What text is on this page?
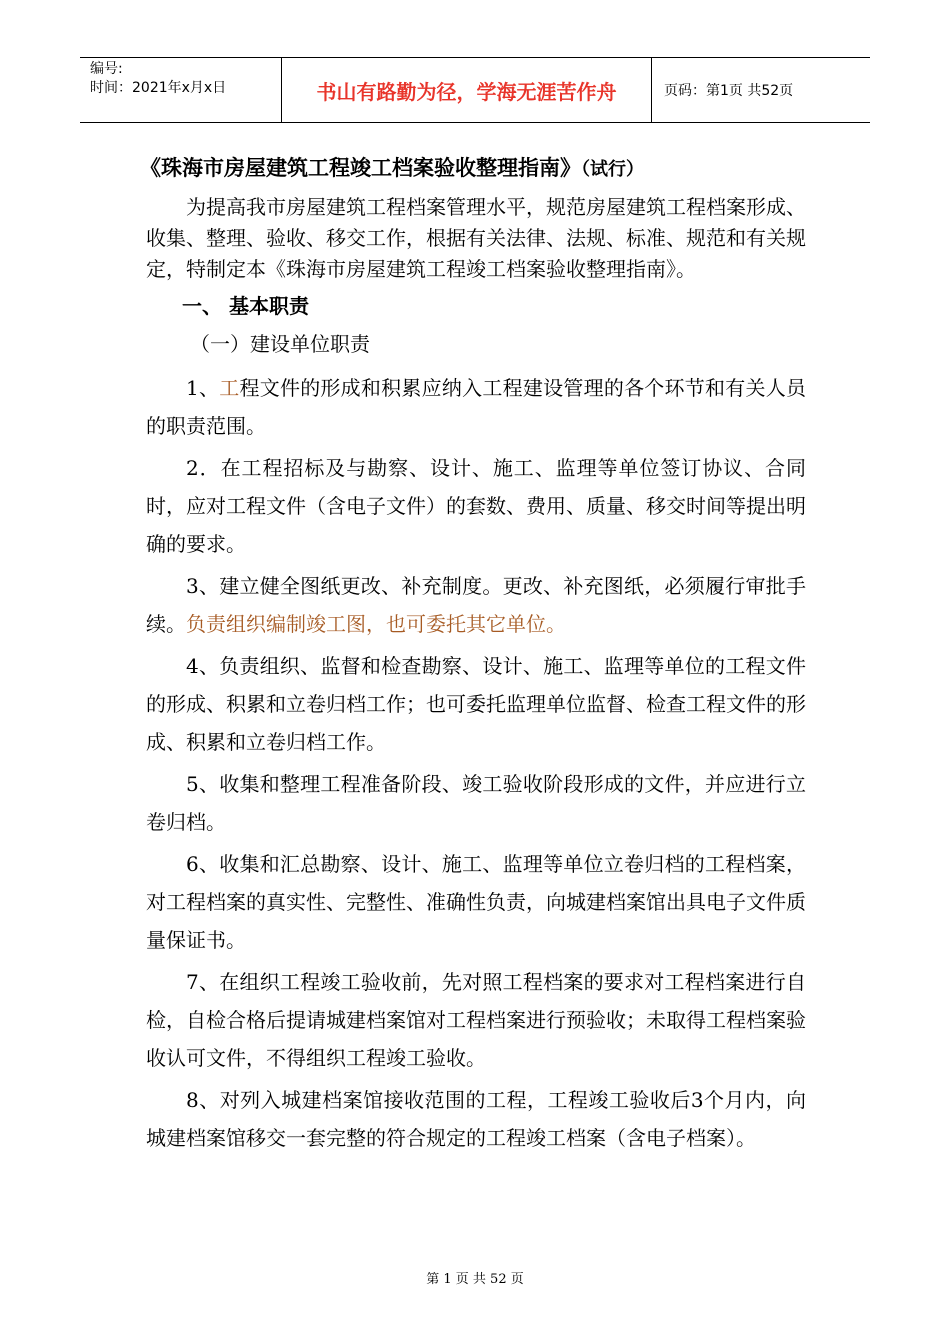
编号:
时间：2021年x月x日	书山有路勤为径，学海无涯苦作舟	页码：第1页 共52页
《珠海市房屋建筑工程竣工档案验收整理指南》（试行）

为提高我市房屋建筑工程档案管理水平，规范房屋建筑工程档案形成、收集、整理、验收、移交工作，根据有关法律、法规、标准、规范和有关规定，特制定本《珠海市房屋建筑工程竣工档案验收整理指南》。

一、 基本职责
（一）建设单位职责

1、工程文件的形成和积累应纳入工程建设管理的各个环节和有关人员的职责范围。

2．在工程招标及与勘察、设计、施工、监理等单位签订协议、合同时，应对工程文件（含电子文件）的套数、费用、质量、移交时间等提出明确的要求。

3、建立健全图纸更改、补充制度。更改、补充图纸，必须履行审批手续。负责组织编制竣工图，也可委托其它单位。

4、负责组织、监督和检查勘察、设计、施工、监理等单位的工程文件的形成、积累和立卷归档工作；也可委托监理单位监督、检查工程文件的形成、积累和立卷归档工作。

5、收集和整理工程准备阶段、竣工验收阶段形成的文件，并应进行立卷归档。

6、收集和汇总勘察、设计、施工、监理等单位立卷归档的工程档案，对工程档案的真实性、完整性、准确性负责，向城建档案馆出具电子文件质量保证书。

7、在组织工程竣工验收前，先对照工程档案的要求对工程档案进行自检，自检合格后提请城建档案馆对工程档案进行预验收；未取得工程档案验收认可文件，不得组织工程竣工验收。

8、对列入城建档案馆接收范围的工程，工程竣工验收后3个月内，向城建档案馆移交一套完整的符合规定的工程竣工档案（含电子档案）。

第 1 页 共 52 页
